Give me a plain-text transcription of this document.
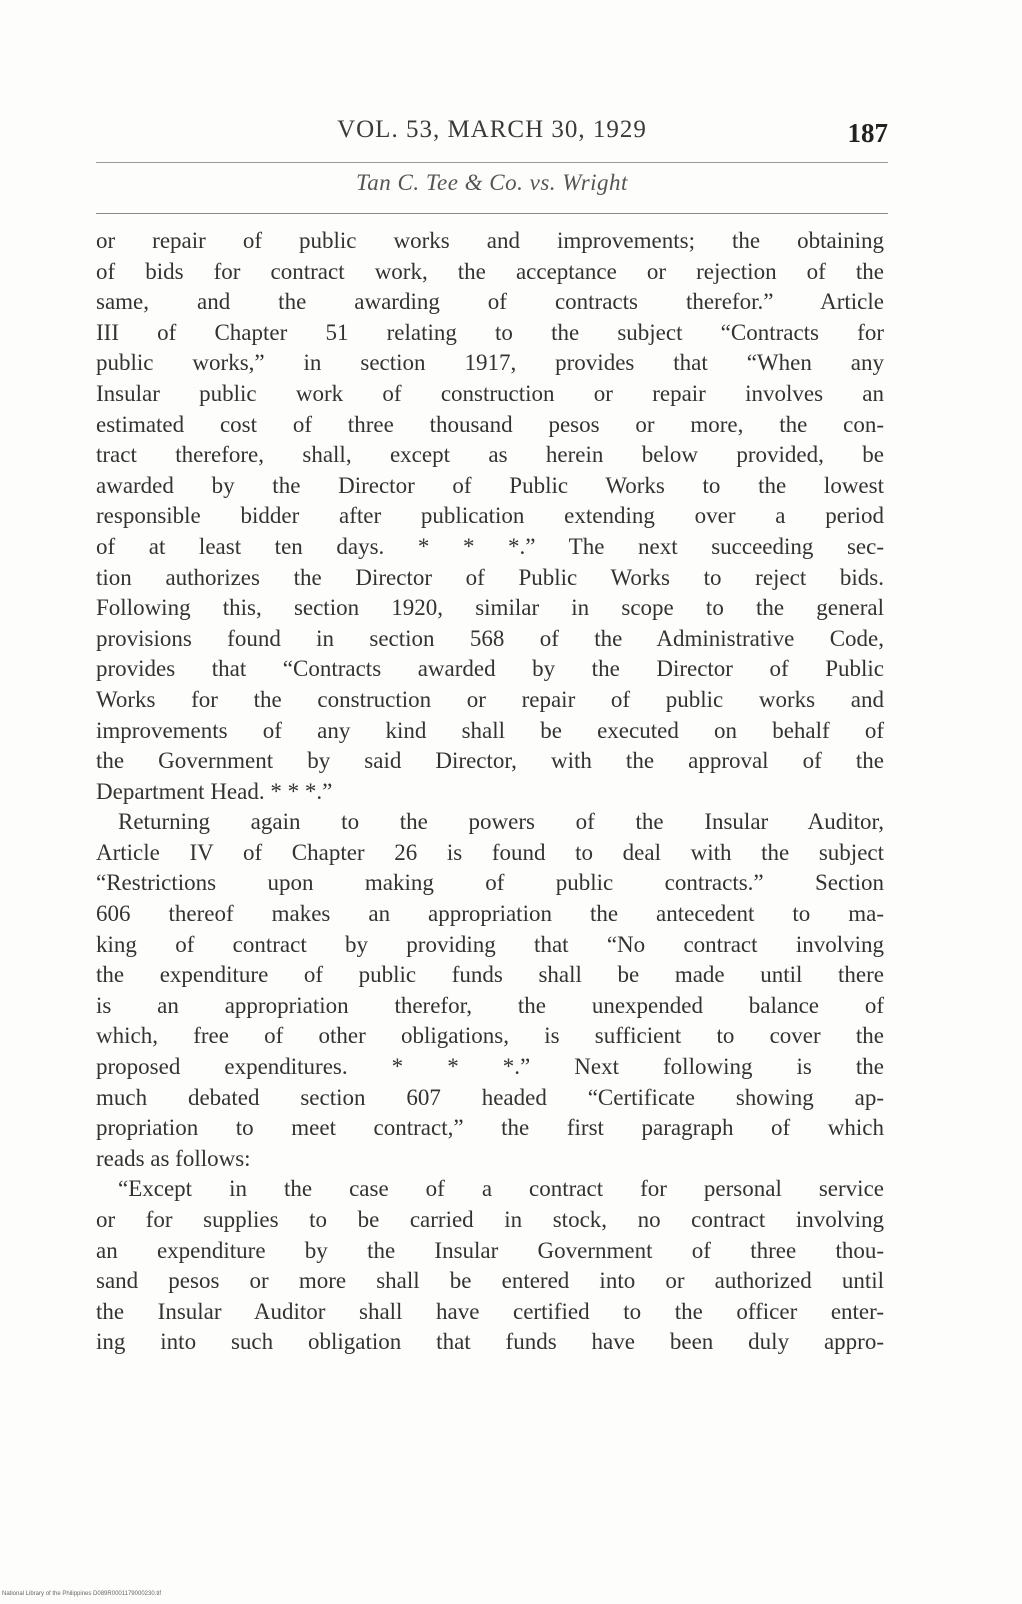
VOL. 53, MARCH 30, 1929	187
Tan C. Tee & Co. vs. Wright
or repair of public works and improvements; the obtaining
of bids for contract work, the acceptance or rejection of the
same, and the awarding of contracts therefor.” Article
III of Chapter 51 relating to the subject “Contracts for
public works,” in section 1917, provides that “When any
Insular public work of construction or repair involves an
estimated cost of three thousand pesos or more, the con-
tract therefore, shall, except as herein below provided, be
awarded by the Director of Public Works to the lowest
responsible bidder after publication extending over a period
of at least ten days. * * *.” The next succeeding sec-
tion authorizes the Director of Public Works to reject bids.
Following this, section 1920, similar in scope to the general
provisions found in section 568 of the Administrative Code,
provides that “Contracts awarded by the Director of Public
Works for the construction or repair of public works and
improvements of any kind shall be executed on behalf of
the Government by said Director, with the approval of the
Department Head. * * *.”
Returning again to the powers of the Insular Auditor,
Article IV of Chapter 26 is found to deal with the subject
“Restrictions upon making of public contracts.” Section
606 thereof makes an appropriation the antecedent to ma-
king of contract by providing that “No contract involving
the expenditure of public funds shall be made until there
is an appropriation therefor, the unexpended balance of
which, free of other obligations, is sufficient to cover the
proposed expenditures. * * *.” Next following is the
much debated section 607 headed “Certificate showing ap-
propriation to meet contract,” the first paragraph of which
reads as follows:
“Except in the case of a contract for personal service
or for supplies to be carried in stock, no contract involving
an expenditure by the Insular Government of three thou-
sand pesos or more shall be entered into or authorized until
the Insular Auditor shall have certified to the officer enter-
ing into such obligation that funds have been duly appro-
National Library of the Philippines D089R0001179000230.tif
